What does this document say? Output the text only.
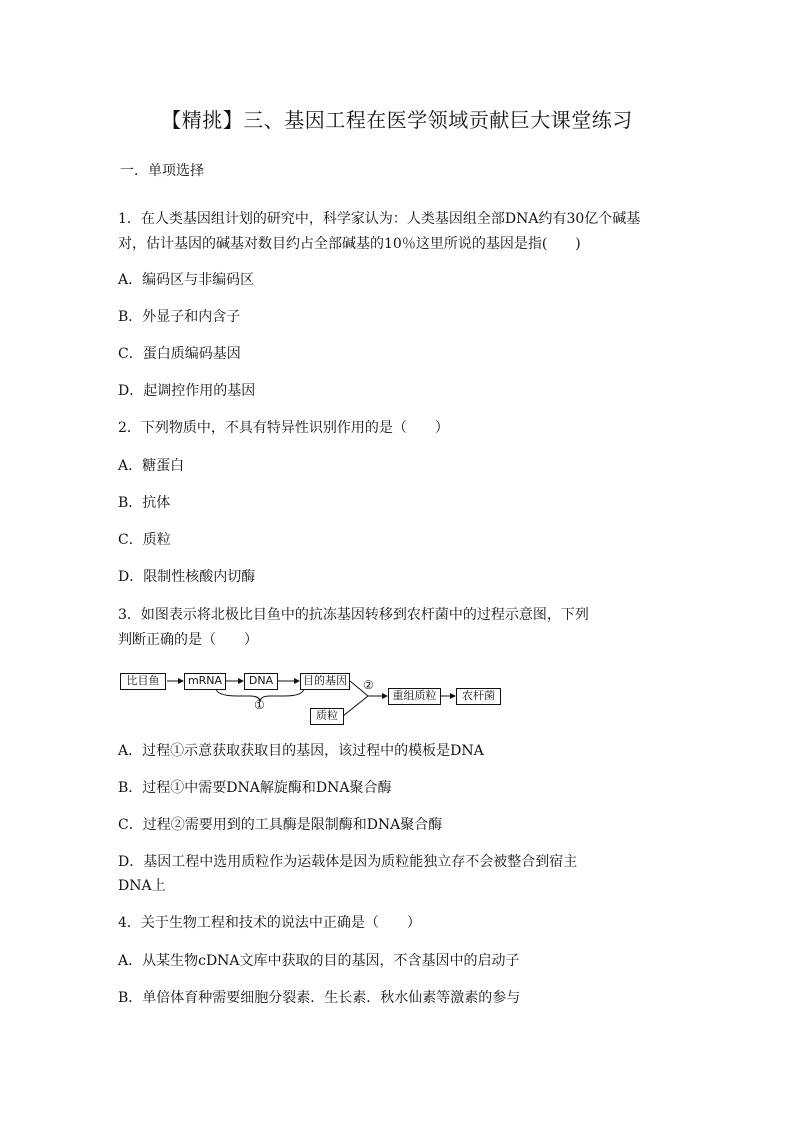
【精挑】三、基因工程在医学领域贡献巨大课堂练习
一．单项选择
1．在人类基因组计划的研究中，科学家认为：人类基因组全部DNA约有30亿个碱基
对，估计基因的碱基对数目约占全部碱基的10％这里所说的基因是指(　　)
A．编码区与非编码区
B．外显子和内含子
C．蛋白质编码基因
D．起调控作用的基因
2．下列物质中，不具有特异性识别作用的是（　　）
A．糖蛋白
B．抗体
C．质粒
D．限制性核酸内切酶
3．如图表示将北极比目鱼中的抗冻基因转移到农杆菌中的过程示意图，下列
判断正确的是（　　）
比目鱼	mRNA	DNA	目的基因
①
②
质粒
重组质粒	农杆菌
A．过程①示意获取获取目的基因，该过程中的模板是DNA
B．过程①中需要DNA解旋酶和DNA聚合酶
C．过程②需要用到的工具酶是限制酶和DNA聚合酶
D．基因工程中选用质粒作为运载体是因为质粒能独立存不会被整合到宿主
DNA上
4．关于生物工程和技术的说法中正确是（　　）
A．从某生物cDNA文库中获取的目的基因，不含基因中的启动子
B．单倍体育种需要细胞分裂素．生长素．秋水仙素等激素的参与
